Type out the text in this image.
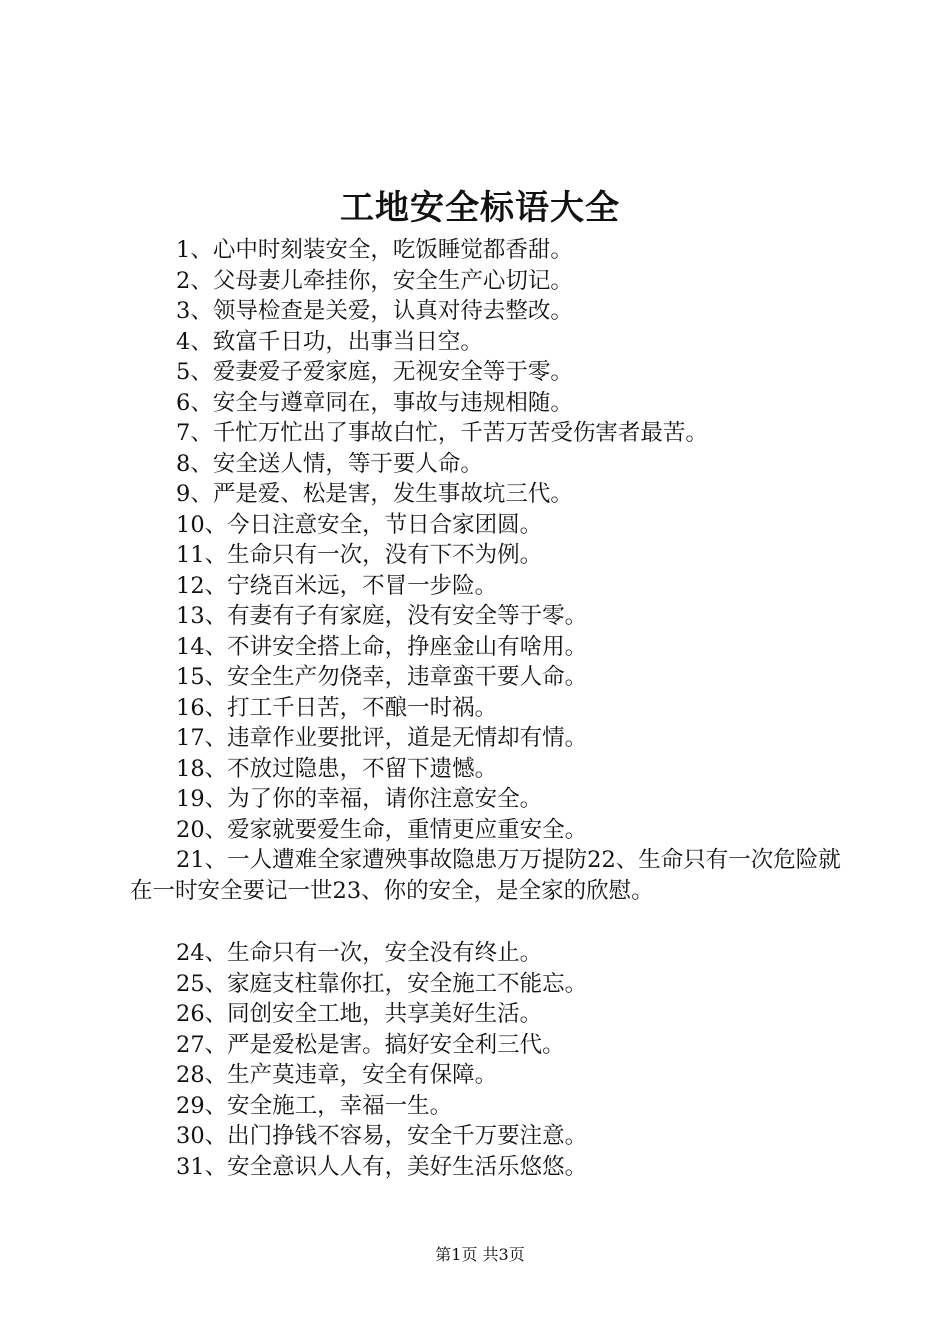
工地安全标语大全
1、心中时刻装安全，吃饭睡觉都香甜。
2、父母妻儿牵挂你，安全生产心切记。
3、领导检查是关爱，认真对待去整改。
4、致富千日功，出事当日空。
5、爱妻爱子爱家庭，无视安全等于零。
6、安全与遵章同在，事故与违规相随。
7、千忙万忙出了事故白忙，千苦万苦受伤害者最苦。
8、安全送人情，等于要人命。
9、严是爱、松是害，发生事故坑三代。
10、今日注意安全，节日合家团圆。
11、生命只有一次，没有下不为例。
12、宁绕百米远，不冒一步险。
13、有妻有子有家庭，没有安全等于零。
14、不讲安全搭上命，挣座金山有啥用。
15、安全生产勿侥幸，违章蛮干要人命。
16、打工千日苦，不酿一时祸。
17、违章作业要批评，道是无情却有情。
18、不放过隐患，不留下遗憾。
19、为了你的幸福，请你注意安全。
20、爱家就要爱生命，重情更应重安全。
21、一人遭难全家遭殃事故隐患万万提防22、生命只有一次危险就在一时安全要记一世23、你的安全，是全家的欣慰。
24、生命只有一次，安全没有终止。
25、家庭支柱靠你扛，安全施工不能忘。
26、同创安全工地，共享美好生活。
27、严是爱松是害。搞好安全利三代。
28、生产莫违章，安全有保障。
29、安全施工，幸福一生。
30、出门挣钱不容易，安全千万要注意。
31、安全意识人人有，美好生活乐悠悠。
第1页 共3页
